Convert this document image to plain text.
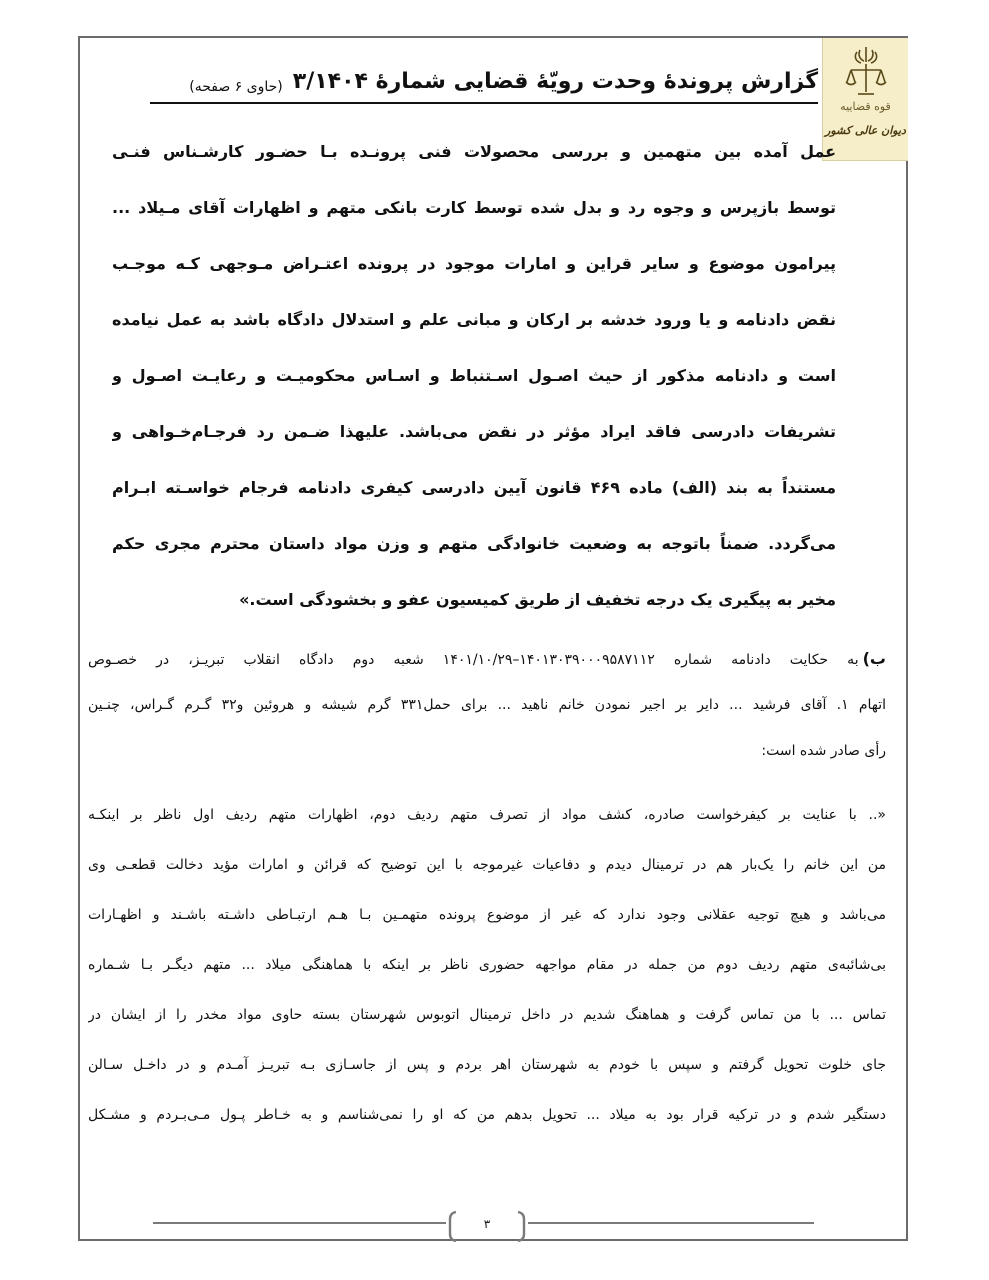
قوه قضاییه
دیوان عالی کشور
گزارش پروندۀ وحدت رویّۀ قضایی شمارۀ ۳/۱۴۰۴
(حاوی ۶ صفحه)
عمل آمده بین متهمین و بررسی محصولات فنی پرونـده بـا حضـور کارشـناس فنـی
توسط بازپرس و وجوه رد و بدل شده توسط کارت بانکی متهم و اظهارات آقای مـیلاد ...
پیرامون موضوع و سایر قراین و امارات موجود در پرونده اعتـراض مـوجهی کـه موجـب
نقض دادنامه و یا ورود خدشه بر ارکان و مبانی علم و استدلال دادگاه باشد به عمل نیامده
است و دادنامه مذکور از حیث اصـول اسـتنباط و اسـاس محکومیـت و رعایـت اصـول و
تشریفات دادرسی فاقد ایراد مؤثر در نقض می‌باشد. علیهذا ضـمن رد فرجـام‌خـواهی و
مستنداً به بند (الف) ماده ۴۶۹ قانون آیین دادرسی کیفری دادنامه فرجام خواسـته ابـرام
می‌گردد. ضمناً باتوجه به وضعیت خانوادگی متهم و وزن مواد داستان محترم مجری حکم
مخیر به پیگیری یک درجه تخفیف از طریق کمیسیون عفو و بخشودگی است.»
ب)به حکایت دادنامه شماره ۱۴۰۱۳۰۳۹۰۰۰۹۵۸۷۱۱۲–۱۴۰۱/۱۰/۲۹ شعبه دوم دادگاه انقلاب تبریـز، در خصـوص
اتهام ۱. آقای فرشید ... دایر بر اجیر نمودن خانم ناهید ... برای حمل۳۳۱ گرم شیشه و هروئین و۳۲ گـرم گـراس، چنـین
رأی صادر شده است:
«.. با عنایت بر کیفرخواست صادره، کشف مواد از تصرف متهم ردیف دوم، اظهارات متهم ردیف اول ناظر بر اینکـه
من این خانم را یک‌بار هم در ترمینال دیدم و دفاعیات غیرموجه با این توضیح که قرائن و امارات مؤید دخالت قطعـی وی
می‌باشد و هیچ توجیه عقلانی وجود ندارد که غیر از موضوع پرونده متهمـین بـا هـم ارتبـاطی داشـته باشـند و اظهـارات
بی‌شائبه‌ی متهم ردیف دوم من جمله در مقام مواجهه حضوری ناظر بر اینکه با هماهنگی میلاد ... متهم دیگـر بـا شـماره
تماس ... با من تماس گرفت و هماهنگ شدیم در داخل ترمینال اتوبوس شهرستان بسته حاوی مواد مخدر را از ایشان در
جای خلوت تحویل گرفتم و سپس با خودم به شهرستان اهر بردم و پس از جاسـازی بـه تبریـز آمـدم و در داخـل سـالن
دستگیر شدم و در ترکیه قرار بود به میلاد ... تحویل بدهم من که او را نمی‌شناسم و به خـاطر پـول مـی‌بـردم و مشـکل
۳
